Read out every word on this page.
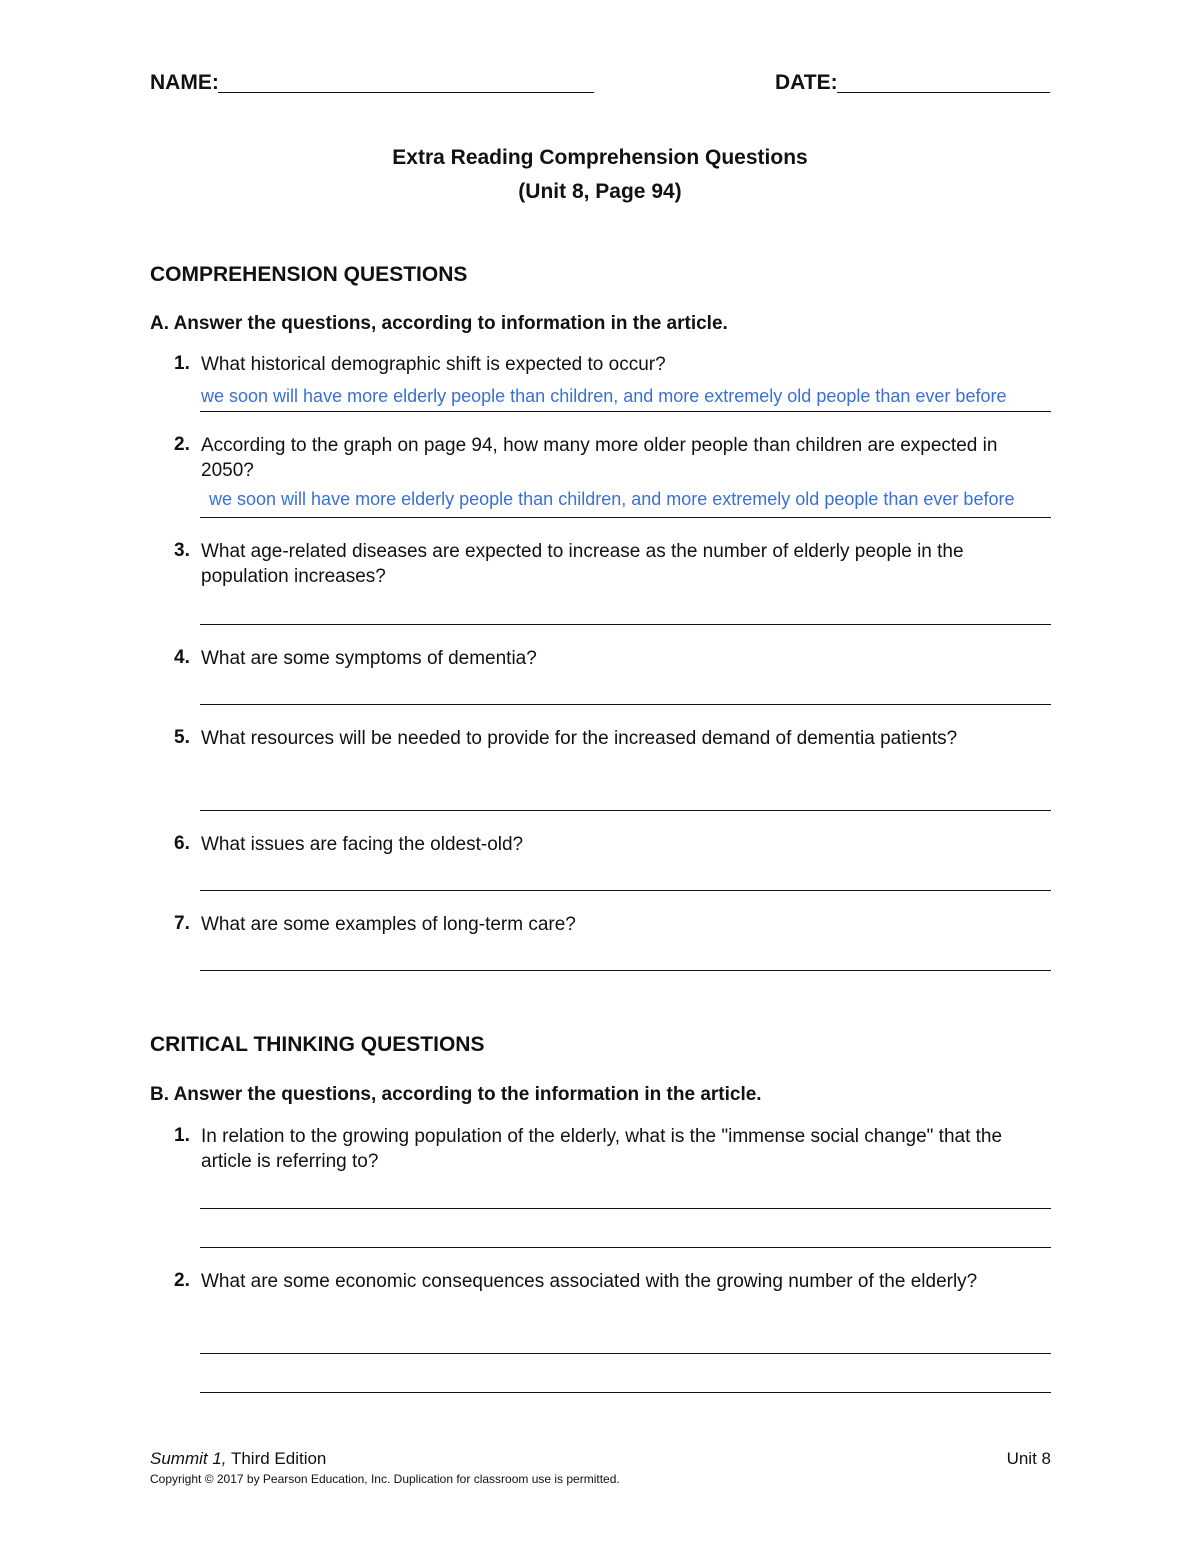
NAME:	DATE:
Extra Reading Comprehension Questions
(Unit 8, Page 94)
COMPREHENSION QUESTIONS
A. Answer the questions, according to information in the article.
1. What historical demographic shift is expected to occur?
we soon will have more elderly people than children, and more extremely old people than ever before
2. According to the graph on page 94, how many more older people than children are expected in 2050?
we soon will have more elderly people than children, and more extremely old people than ever before
3. What age-related diseases are expected to increase as the number of elderly people in the population increases?
4. What are some symptoms of dementia?
5. What resources will be needed to provide for the increased demand of dementia patients?
6. What issues are facing the oldest-old?
7. What are some examples of long-term care?
CRITICAL THINKING QUESTIONS
B. Answer the questions, according to the information in the article.
1. In relation to the growing population of the elderly, what is the "immense social change" that the article is referring to?
2. What are some economic consequences associated with the growing number of the elderly?
Summit 1, Third Edition	Unit 8
Copyright © 2017 by Pearson Education, Inc. Duplication for classroom use is permitted.
